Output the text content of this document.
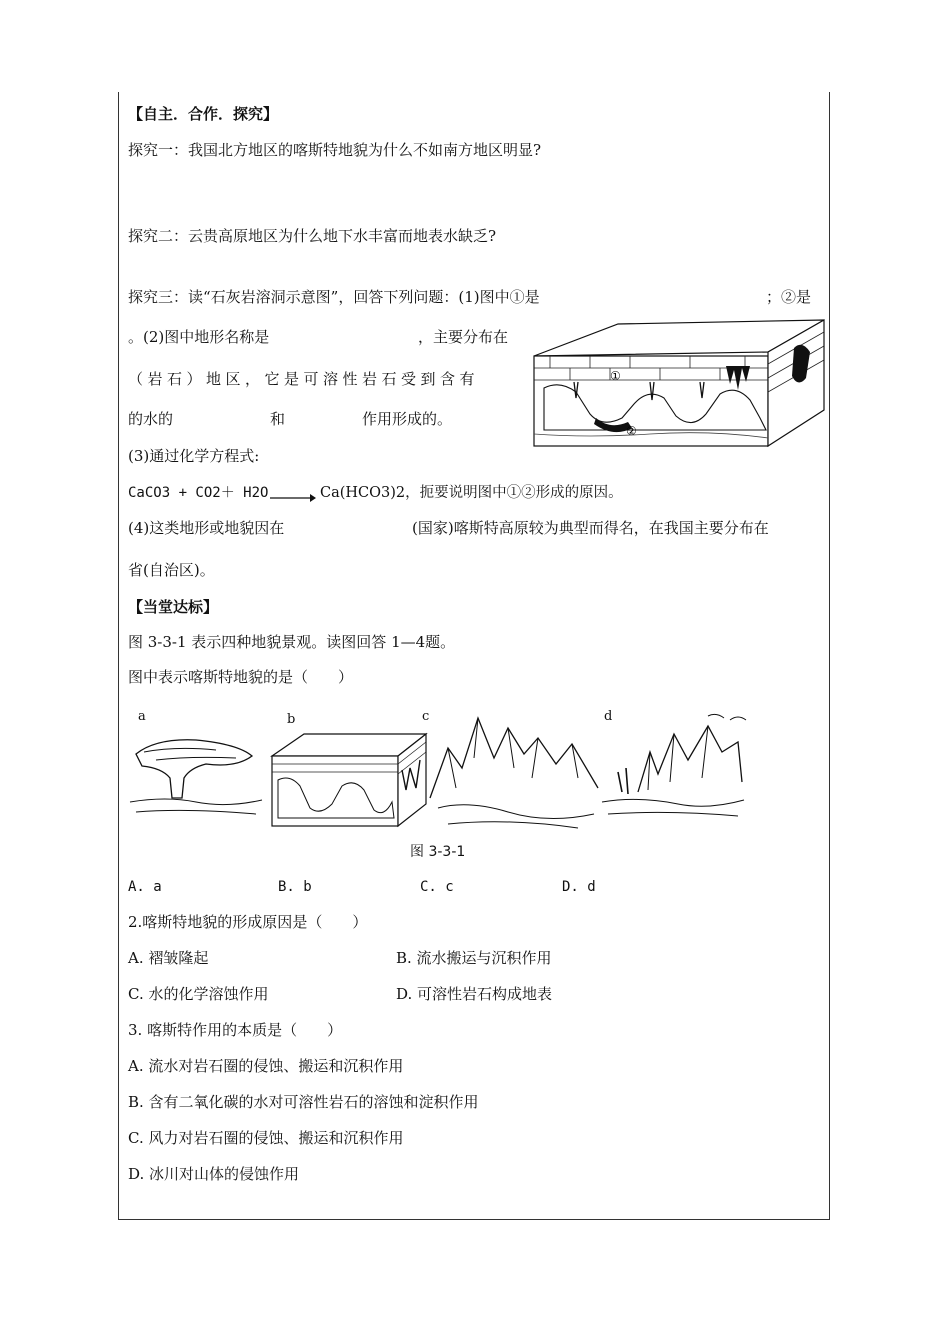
【自主．合作．探究】
探究一：我国北方地区的喀斯特地貌为什么不如南方地区明显?
探究二：云贵高原地区为什么地下水丰富而地表水缺乏?
探究三：读“石灰岩溶洞示意图”，回答下列问题：(1)图中①是	；②是
。(2)图中地形名称是	，主要分布在
（岩石）地区，它是可溶性岩石受到含有
的水的	和	作用形成的。
(3)通过化学方程式:
CaCO3 + CO2＋ H2O → Ca(HCO3)2，扼要说明图中①②形成的原因。
(4)这类地形或地貌因在	(国家)喀斯特高原较为典型而得名，在我国主要分布在
省(自治区)。
①
②
【当堂达标】
图 3-3-1 表示四种地貌景观。读图回答 1—4题。
图中表示喀斯特地貌的是（　　）
a	b	c	d
图 3-3-1
A. a	B. b	C. c	D. d
2.喀斯特地貌的形成原因是（　　）
A. 褶皱隆起	B. 流水搬运与沉积作用
C. 水的化学溶蚀作用	D. 可溶性岩石构成地表
3. 喀斯特作用的本质是（　　）
A. 流水对岩石圈的侵蚀、搬运和沉积作用
B. 含有二氧化碳的水对可溶性岩石的溶蚀和淀积作用
C. 风力对岩石圈的侵蚀、搬运和沉积作用
D. 冰川对山体的侵蚀作用
